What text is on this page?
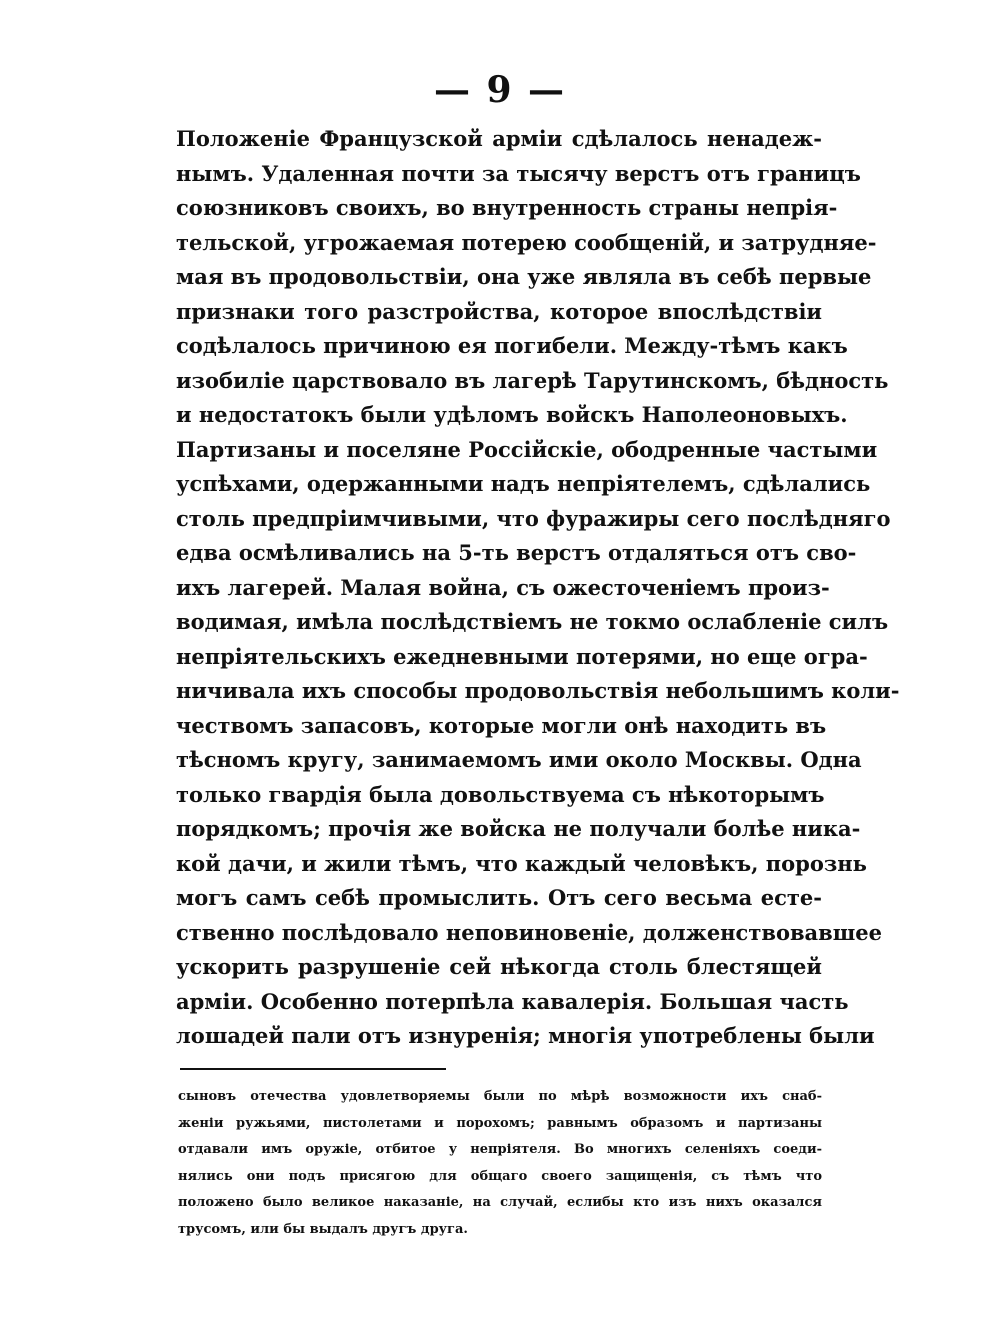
— 9 —
Положеніе Французской арміи сдѣлалось ненадеж-
нымъ. Удаленная почти за тысячу верстъ отъ границъ
союзниковъ своихъ, во внутренность страны непрія-
тельской, угрожаемая потерею сообщеній, и затрудняе-
мая въ продовольствіи, она уже являла въ себѣ первые
признаки того разстройства, которое впослѣдствіи
содѣлалось причиною ея погибели. Между-тѣмъ какъ
изобиліе царствовало въ лагерѣ Тарутинскомъ, бѣдность
и недостатокъ были удѣломъ войскъ Наполеоновыхъ.
Партизаны и поселяне Россійскіе, ободренные частыми
успѣхами, одержанными надъ непріятелемъ, сдѣлались
столь предпріимчивыми, что фуражиры сего послѣдняго
едва осмѣливались на 5-ть верстъ отдаляться отъ сво-
ихъ лагерей. Малая война, съ ожесточеніемъ произ-
водимая, имѣла послѣдствіемъ не токмо ослабленіе силъ
непріятельскихъ ежедневными потерями, но еще огра-
ничивала ихъ способы продовольствія небольшимъ коли-
чествомъ запасовъ, которые могли онѣ находить въ
тѣсномъ кругу, занимаемомъ ими около Москвы. Одна
только гвардія была довольствуема съ нѣкоторымъ
порядкомъ; прочія же войска не получали болѣе ника-
кой дачи, и жили тѣмъ, что каждый человѣкъ, порознь
могъ самъ себѣ промыслить. Отъ сего весьма есте-
ственно послѣдовало неповиновеніе, долженствовавшее
ускорить разрушеніе сей нѣкогда столь блестящей
арміи. Особенно потерпѣла кавалерія. Большая часть
лошадей пали отъ изнуренія; многія употреблены были
сыновъ отечества удовлетворяемы были по мѣрѣ возможности ихъ снаб-
женіи ружьями, пистолетами и порохомъ; равнымъ образомъ и партизаны
отдавали имъ оружіе, отбитое у непріятеля. Во многихъ селеніяхъ соеди-
нялись они подъ присягою для общаго своего защищенія, съ тѣмъ что
положено было великое наказаніе, на случай, еслибы кто изъ нихъ оказался
трусомъ, или бы выдалъ другъ друга.
